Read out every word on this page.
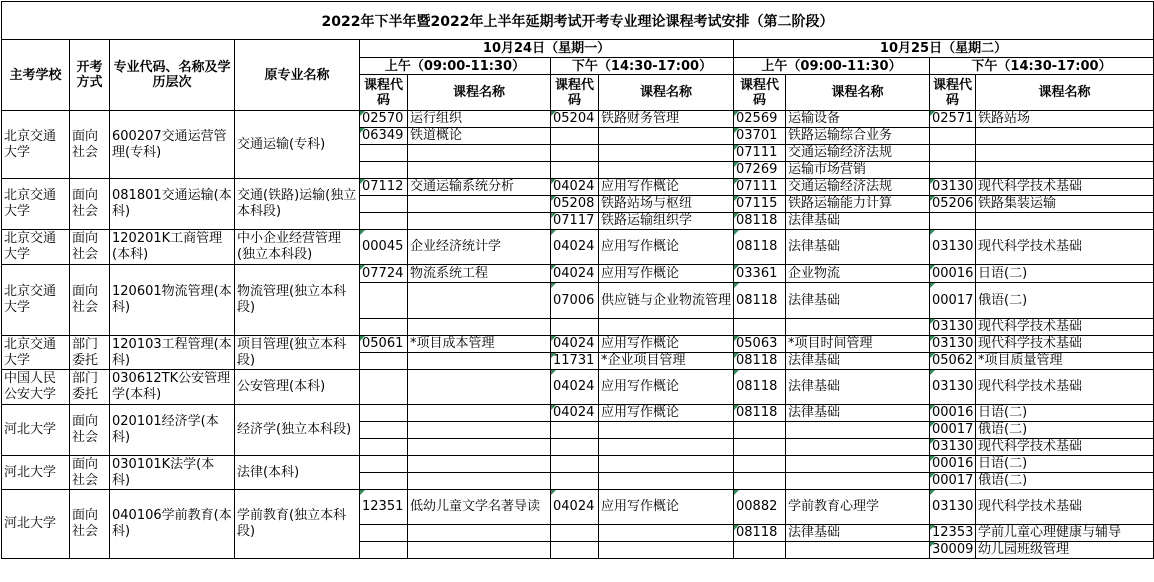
2022年下半年暨2022年上半年延期考试开考专业理论课程考试安排（第二阶段）											
主考学校	开考方式	专业代码、名称及学历层次	原专业名称	10月24日（星期一）				10月25日（星期二）			
				上午（09:00-11:30）		下午（14:30-17:00）		上午（09:00-11:30）		下午（14:30-17:00）	
				课程代码	课程名称	课程代码	课程名称	课程代码	课程名称	课程代码	课程名称
北京交通大学	面向社会	600207交通运营管理(专科)	交通运输(专科)	02570	运行组织	05204	铁路财务管理	02569	运输设备	02571	铁路站场
				06349	铁道概论			03701	铁路运输综合业务		
								07111	交通运输经济法规		
								07269	运输市场营销		
北京交通大学	面向社会	081801交通运输(本科)	交通(铁路)运输(独立本科段)	07112	交通运输系统分析	04024	应用写作概论	07111	交通运输经济法规	03130	现代科学技术基础
						05208	铁路站场与枢纽	07115	铁路运输能力计算	05206	铁路集装运输
						07117	铁路运输组织学	08118	法律基础		
北京交通大学	面向社会	120201K工商管理(本科)	中小企业经营管理(独立本科段)	00045	企业经济统计学	04024	应用写作概论	08118	法律基础	03130	现代科学技术基础
北京交通大学	面向社会	120601物流管理(本科)	物流管理(独立本科段)	07724	物流系统工程	04024	应用写作概论	03361	企业物流	00016	日语(二)
						07006	供应链与企业物流管理	08118	法律基础	00017	俄语(二)
										03130	现代科学技术基础
北京交通大学	部门委托	120103工程管理(本科)	项目管理(独立本科段)	05061	*项目成本管理	04024	应用写作概论	05063	*项目时间管理	03130	现代科学技术基础
						11731	*企业项目管理	08118	法律基础	05062	*项目质量管理
中国人民公安大学	部门委托	030612TK公安管理学(本科)	公安管理(本科)			04024	应用写作概论	08118	法律基础	03130	现代科学技术基础
河北大学	面向社会	020101经济学(本科)	经济学(独立本科段)			04024	应用写作概论	08118	法律基础	00016	日语(二)
										00017	俄语(二)
										03130	现代科学技术基础
河北大学	面向社会	030101K法学(本科)	法律(本科)							00016	日语(二)
										00017	俄语(二)
河北大学	面向社会	040106学前教育(本科)	学前教育(独立本科段)	12351	低幼儿童文学名著导读	04024	应用写作概论	00882	学前教育心理学	03130	现代科学技术基础
								08118	法律基础	12353	学前儿童心理健康与辅导
										30009	幼儿园班级管理
